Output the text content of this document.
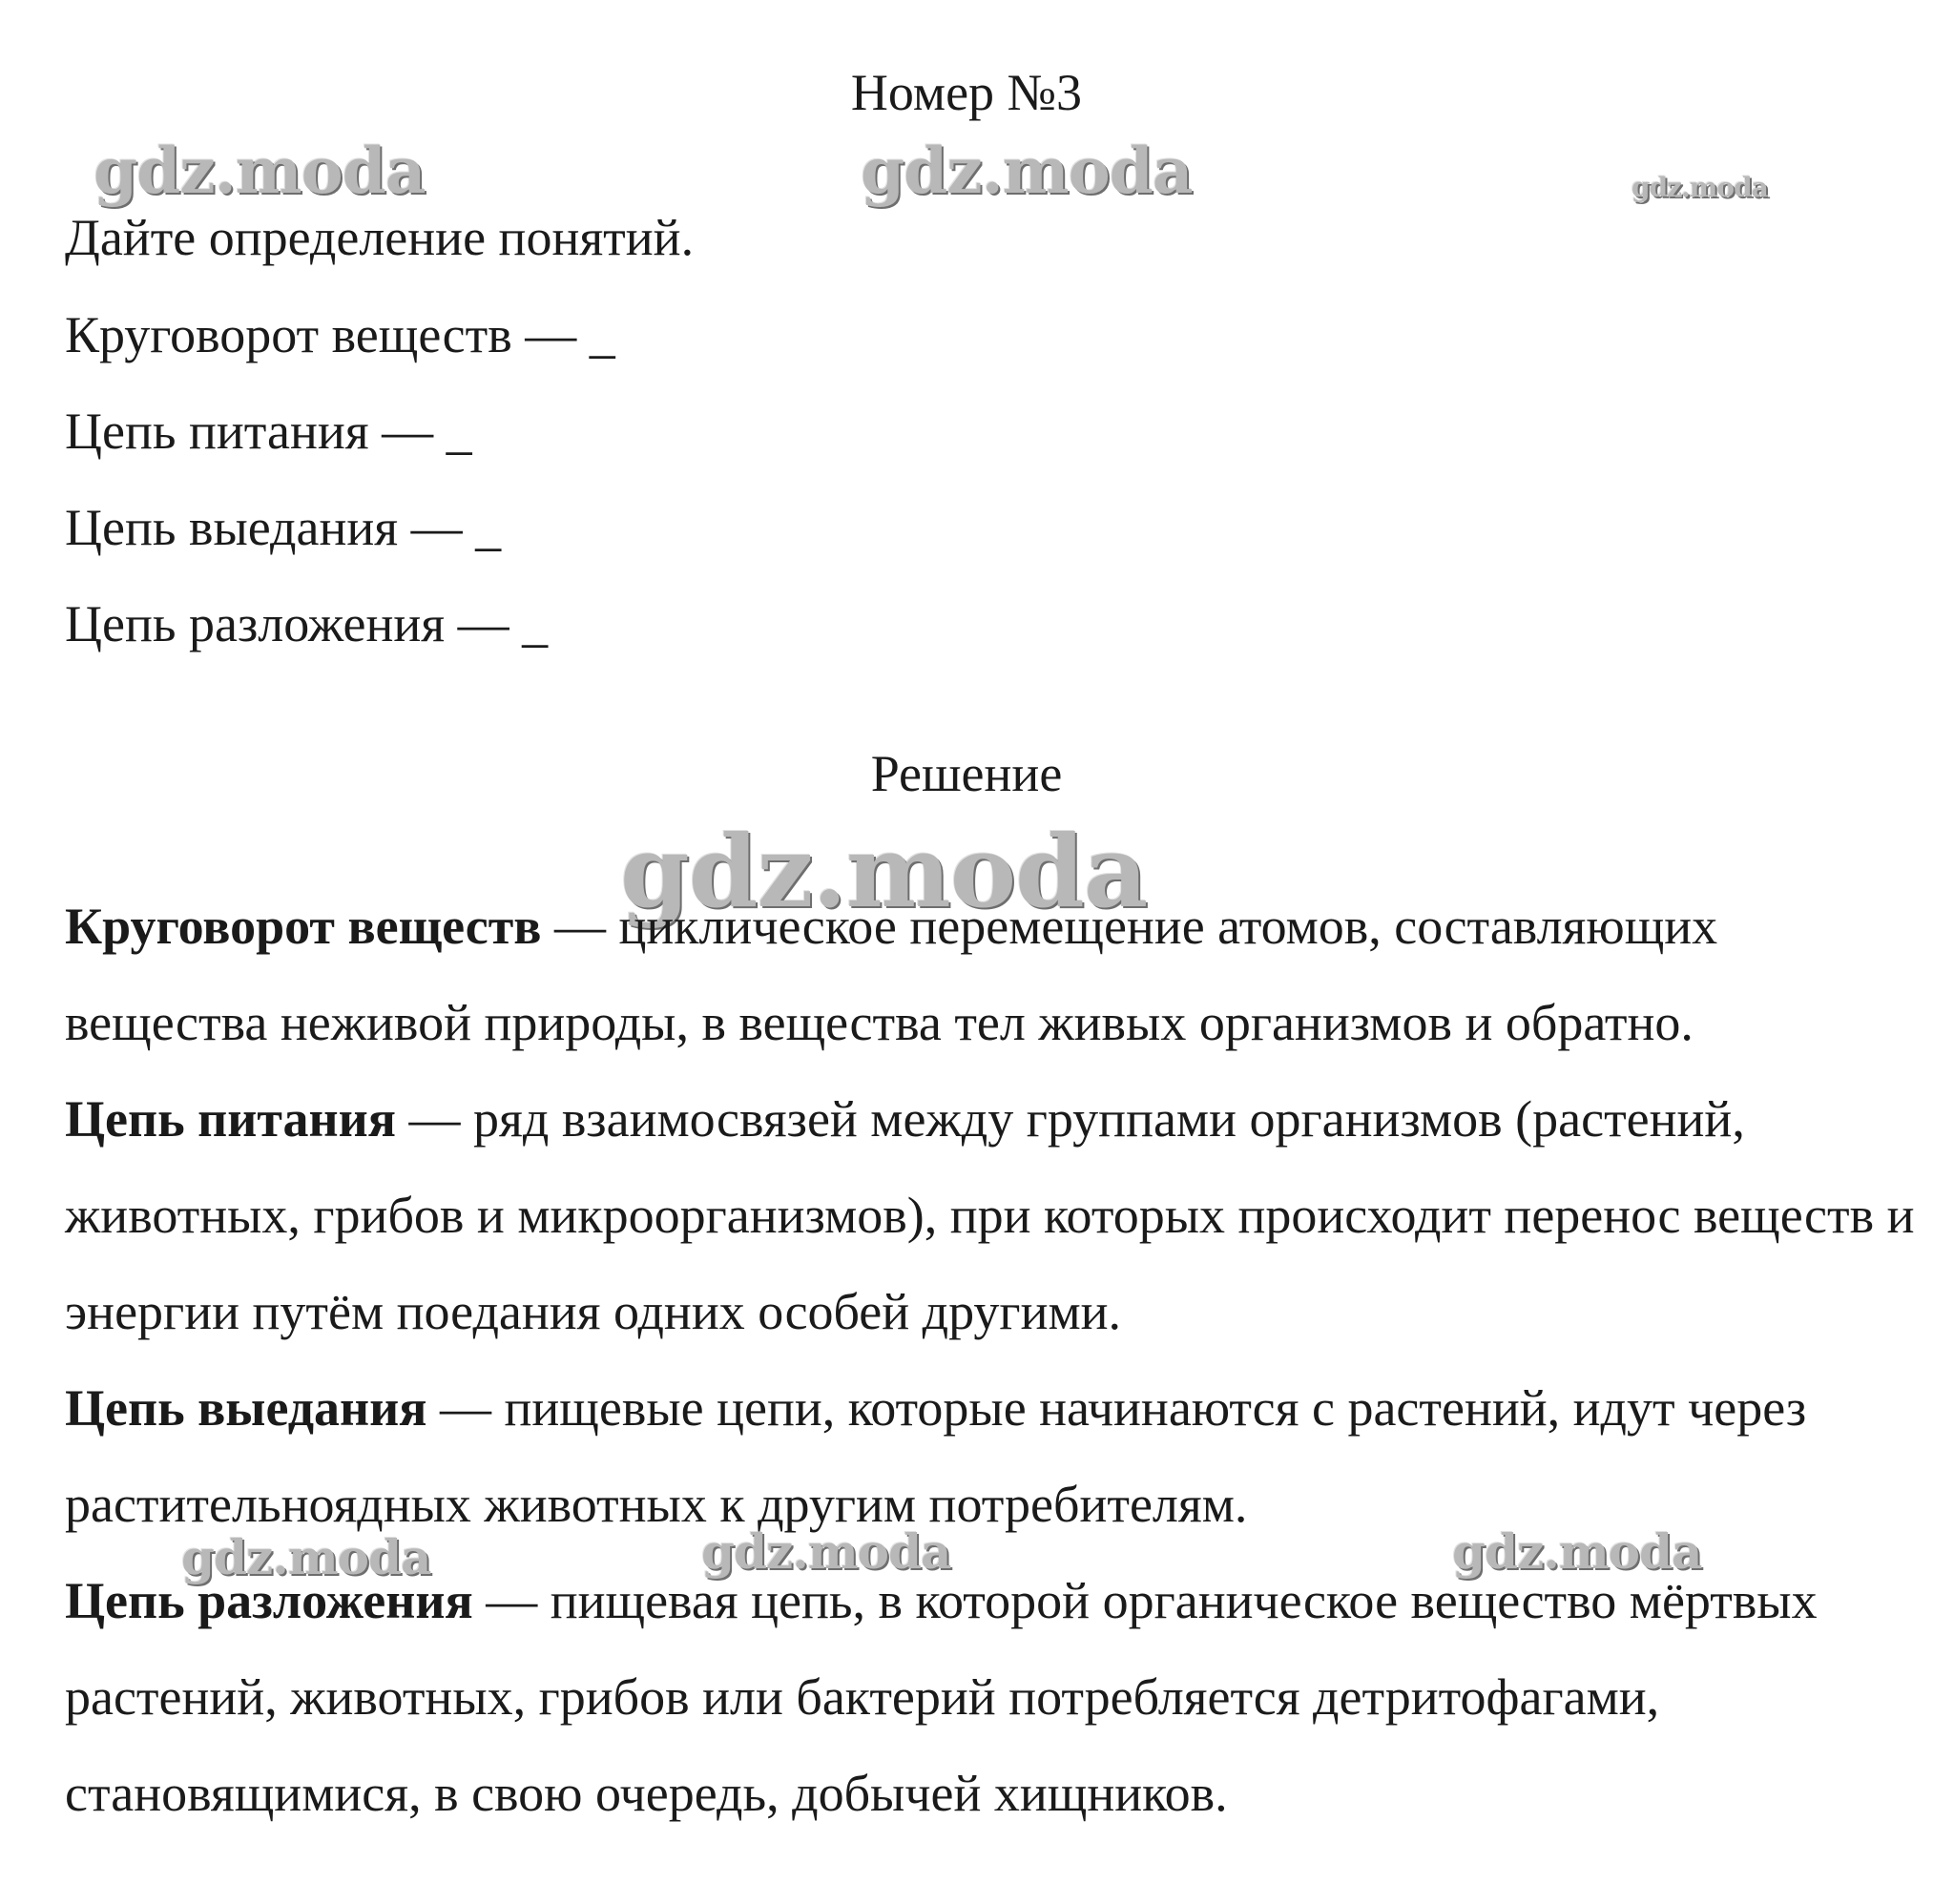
gdz.moda	gdz.moda	gdz.moda
gdz.moda
gdz.moda	gdz.moda	gdz.moda
Номер №3
Дайте определение понятий.
Круговорот веществ — _
Цепь питания — _
Цепь выедания — _
Цепь разложения — _
Решение
Круговорот веществ — циклическое перемещение атомов, составляющих вещества неживой природы, в вещества тел живых организмов и обратно.
Цепь питания — ряд взаимосвязей между группами организмов (растений, животных, грибов и микроорганизмов), при которых происходит перенос веществ и энергии путём поедания одних особей другими.
Цепь выедания — пищевые цепи, которые начинаются с растений, идут через растительноядных животных к другим потребителям.
Цепь разложения — пищевая цепь, в которой органическое вещество мёртвых растений, животных, грибов или бактерий потребляется детритофагами, становящимися, в свою очередь, добычей хищников.
